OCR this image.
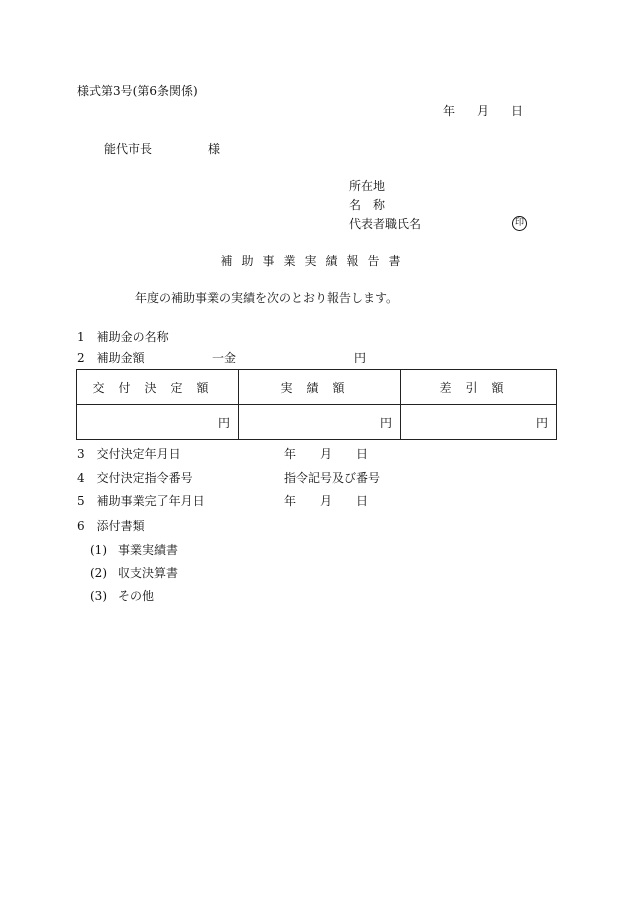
様式第3号(第6条関係)
年 月 日
能代市長	様
所在地
名　称
代表者職氏名	印
補助事業実績報告書
年度の補助事業の実績を次のとおり報告します。
1　 補助金の名称
2　 補助金額	一金	円
交付決定額	実績額	差引額
円	円	円
3　 交付決定年月日	年 月 日
4　 交付決定指令番号	指令記号及び番号
5　 補助事業完了年月日	年 月 日
6　 添付書類
(1) 事業実績書
(2) 収支決算書
(3) その他
